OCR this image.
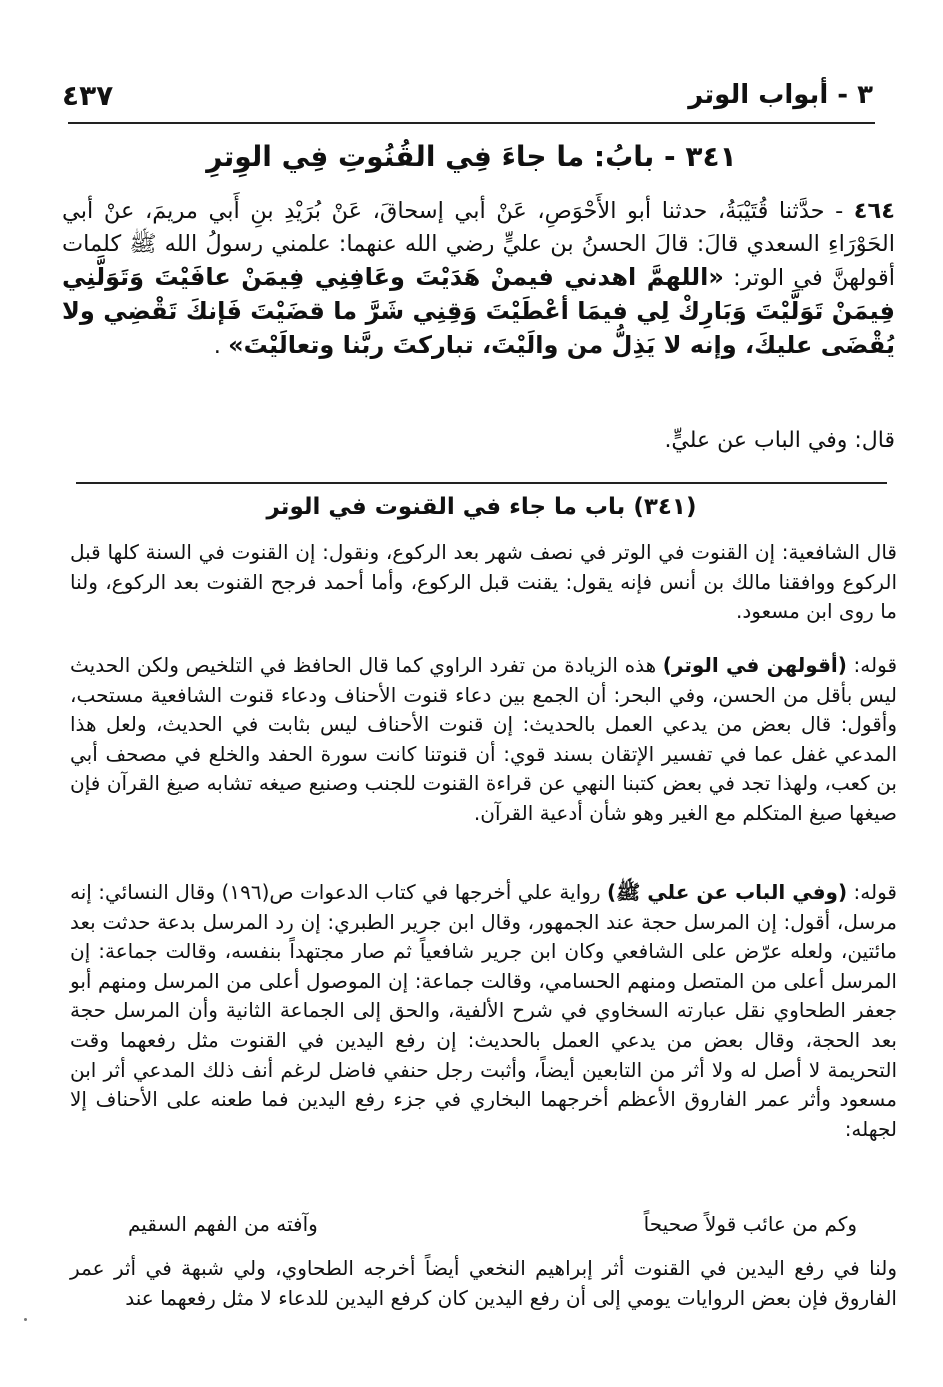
٣ - أبواب الوتر
٤٣٧
٣٤١ - بابُ: ما جاءَ فِي القُنُوتِ فِي الوِترِ
٤٦٤ - حدَّثنا قُتَيْبَةُ، حدثنا أبو الأَحْوَصِ، عَنْ أبي إسحاقَ، عَنْ بُرَيْدِ بنِ أَبي مريمَ، عنْ أبي الحَوْرَاءِ السعدي قالَ: قالَ الحسنُ بن عليٍّ رضي الله عنهما: علمني رسولُ الله ﷺ كلمات أقولهنَّ في الوتر: «اللهمَّ اهدني فيمنْ هَدَيْتَ وعَافِنِي فِيمَنْ عافَيْتَ وَتَوَلَّنِي فِيمَنْ تَوَلَّيْتَ وَبَارِكْ لِي فيمَا أعْطَيْتَ وَقِنِي شَرَّ ما قضَيْتَ فَإنكَ تَقْضِي ولا يُقْضَى عليكَ، وإنه لا يَذِلُّ من والَيْتَ، تباركتَ ربَّنا وتعالَيْتَ» .
قال: وفي الباب عن عليٍّ.
(٣٤١) باب ما جاء في القنوت في الوتر
قال الشافعية: إن القنوت في الوتر في نصف شهر بعد الركوع، ونقول: إن القنوت في السنة كلها قبل الركوع ووافقنا مالك بن أنس فإنه يقول: يقنت قبل الركوع، وأما أحمد فرجح القنوت بعد الركوع، ولنا ما روى ابن مسعود.
قوله: (أقولهن في الوتر) هذه الزيادة من تفرد الراوي كما قال الحافظ في التلخيص ولكن الحديث ليس بأقل من الحسن، وفي البحر: أن الجمع بين دعاء قنوت الأحناف ودعاء قنوت الشافعية مستحب، وأقول: قال بعض من يدعي العمل بالحديث: إن قنوت الأحناف ليس بثابت في الحديث، ولعل هذا المدعي غفل عما في تفسير الإتقان بسند قوي: أن قنوتنا كانت سورة الحفد والخلع في مصحف أبي بن كعب، ولهذا تجد في بعض كتبنا النهي عن قراءة القنوت للجنب وصنيع صيغه تشابه صيغ القرآن فإن صيغها صيغ المتكلم مع الغير وهو شأن أدعية القرآن.
قوله: (وفي الباب عن علي ﷺ) رواية علي أخرجها في كتاب الدعوات ص(١٩٦) وقال النسائي: إنه مرسل، أقول: إن المرسل حجة عند الجمهور، وقال ابن جرير الطبري: إن رد المرسل بدعة حدثت بعد مائتين، ولعله عرّض على الشافعي وكان ابن جرير شافعياً ثم صار مجتهداً بنفسه، وقالت جماعة: إن المرسل أعلى من المتصل ومنهم الحسامي، وقالت جماعة: إن الموصول أعلى من المرسل ومنهم أبو جعفر الطحاوي نقل عبارته السخاوي في شرح الألفية، والحق إلى الجماعة الثانية وأن المرسل حجة بعد الحجة، وقال بعض من يدعي العمل بالحديث: إن رفع اليدين في القنوت مثل رفعهما وقت التحريمة لا أصل له ولا أثر من التابعين أيضاً، وأثبت رجل حنفي فاضل لرغم أنف ذلك المدعي أثر ابن مسعود وأثر عمر الفاروق الأعظم أخرجهما البخاري في جزء رفع اليدين فما طعنه على الأحناف إلا لجهله:
وكم من عائب قولاً صحيحاً
وآفته من الفهم السقيم
ولنا في رفع اليدين في القنوت أثر إبراهيم النخعي أيضاً أخرجه الطحاوي، ولي شبهة في أثر عمر الفاروق فإن بعض الروايات يومي إلى أن رفع اليدين كان كرفع اليدين للدعاء لا مثل رفعهما عند
